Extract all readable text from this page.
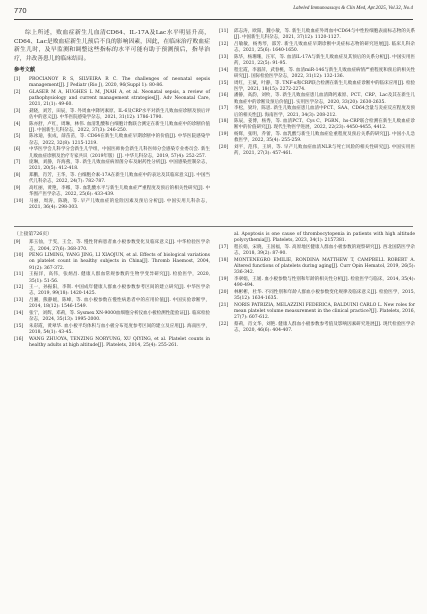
770	Labeled Immunoassays & Clin Med, Apr.2025, Vol.32, No.4

综上所述，败血症新生儿血清CD64、IL-17A及Lac水平明显升高，CD64、Lac是败血症新生儿预后不良的影响因素，因此，在临床治疗败血症新生儿时，及早监测和调整这些指标的水平可能有助于预测预后，指导治疗，并改善患儿的临床结局。

参考文献
[1] PROCIANOY R S, SILVEIRA R C. The challenges of neonatal sepsis management[J]. J Pediatr (Rio J), 2020, 96(Suppl 1): 80-86.
[2] GLASER M A, HUGHES L M, JNAH A, et al. Neonatal sepsis, a review of pathophysiology and current management strategies[J]. Adv Neonatal Care, 2021, 21(1): 49-60.
[3] 聂晓，刘芳，田辰，等. 外周血中降钙素原、IL-6及CRP水平对新生儿败血症诊断及预后评估中的意义[J]. 中华医院感染学杂志，2021, 31(12): 1786-1790.
[4] 陈亦舒，卢红，周琳，林伟. 血清乳酸和白细胞计数联合测定在新生儿败血症中的诊断价值[J]. 中国新生儿科杂志，2022, 37(3): 246-250.
[5] 陈冰迪，张成，薛苗苗，等. CD64在新生儿败血症早期诊断中的价值[J]. 中华医院感染学杂志，2022, 32(8): 1215-1219.
[6] 中华医学会儿科学分会新生儿学组，中国医师协会新生儿科医师分会感染专业委员会. 新生儿败血症诊断及治疗专家共识（2019年版）[J]. 中华儿科杂志，2019, 57(4): 252-257.
[7] 庞琳，刘静，许海燕，等. 新生儿败血症病原菌分布及耐药性分析[J]. 中国感染控制杂志，2021, 20(5): 412-418.
[8] 郑鹏，肖芳，王华，等. 白细胞介素-17A在新生儿败血症中的表达及其临床意义[J]. 中国当代儿科杂志，2022, 24(7): 782-787.
[9] 高红丽，黄艳，李娜，等. 血乳酸水平与新生儿败血症严重程度及预后的相关性研究[J]. 中华围产医学杂志，2022, 25(6): 433-439.
[10] 马丽，周涛，陈晓，等. 早产儿败血症的危险因素及预后分析[J]. 中国实用儿科杂志，2021, 36(4): 298-303.
[11] 邱志涛，欧阳，魏小敏，等. 新生儿败血症外周血中CD64与中性粒细胞表面标志物的关系[J]. 中国新生儿科杂志，2021, 37(12): 1120-1127.
[12] 吕敏敏，杨秀琴，邵芳. 新生儿败血症早期诊断中炎症标志物的研究进展[J]. 临床儿科杂志，2021, 25(6): 1640-1650.
[13] 陈华，杨珊珊，汪军，等. 血清IL-17A与新生儿败血症及其预后的关系分析[J]. 中国实用医药，2021, 22(5): 91-95.
[14] 程宏霞，李淑萍，武春桃，等. 血清miR-146与新生儿败血症病情严重程度和预后的相关性研究[J]. 国际检验医学杂志，2022, 31(12): 132-136.
[15] 周红，王斌，叶静，等. TNF-α和CRP联合检测在新生儿败血症诊断中的临床应用[J]. 检验医学，2021, 18(15): 2272-2274.
[16] 潘静，高韵，刘枚，等. 新生儿败血症患儿血清降钙素原、PCT、CRP、Lac及其在新生儿败血症中的诊断及预后价值[J]. 实用医学杂志，2020, 33(20): 2630-2635.
[17] 李松，梁玲，陈思. 新生儿败血症患儿血清中PCT、SAA、CD64含量与炎症反应程度及预后的相关性[J]. 海南医学，2021, 34(3): 208-212.
[18] 陈辰，姜博，杨秀，等. 血清PCT、Cys C、PGRN、hs-CRP联合检测在新生儿败血症诊断中的价值研究[J]. 现代生物医学进展，2022, 22(23): 4450-4455, 4412.
[19] 杨辉，张明，乔蕾，等. 血乳酸与新生儿败血症危重程度及预后关系的研究[J]. 中国小儿急救医学，2022, 35(4): 255-259.
[20] 刘平，范伟，王妍，等. 早产儿败血症血清NLR与死亡风险的相关性研究[J]. 中国实用医药，2021, 27(3): 457-461.
（上接第726页）
[9] 郑玉仙，于雯，王全，等. 慢性肾病患者血小板参数变化及临床意义[J]. 中华检验医学杂志，2004, 27(6): 368-370.
[10] PENG LIMING, YANG JING, LI XIAOJUN, et al. Effects of biological variations on platelet count in healthy subjects in China[J]. Thromb Haemost, 2004, 91(2): 367-372.
[11] 王振洋，高伟，张炳昌. 健康人群血常规参数的生物学变异研究[J]. 检验医学，2020, 35(1): 51-56.
[12] 王一，孙振阳，李斯. 中国成年健康人群血小板参数参考区间的建立研究[J]. 中华医学杂志，2019, 99(18): 1420-1425.
[13] 吕湘，熊静媛，陈峰，等. 血小板参数在慢性病患者中的应用价值[J]. 中国实验诊断学，2014, 18(12): 1546-1549.
[14] 张宁，刘辉，邓莉，等. Sysmex XN-9000血细胞分析仪血小板检测性能验证[J]. 临床检验杂志，2024, 35(13): 1995-2000.
[15] 朱彩霞，黄翠华. 血小板平均体积与血小板分布宽度参考区间的建立及应用[J]. 海南医学，2018, 54(1): 43-45.
[16] WANG ZHUOYA, TENZING NORYUNG, XU QIYING, et al. Platelet counts in healthy adults at high altitude[J]. Platelets, 2014, 25(4): 255-261.
al. Apoptosis is one cause of thrombocytopenia in patients with high altitude polycythemia[J]. Platelets, 2023, 34(1): 2157381.
[17] 程长娟，宋晓，王国福，等. 高原地区健康人群血小板参数的观察研究[J]. 西北国防医学杂志，2018, 39(2): 87-90.
[18] MONTENEGRO EMILIE, RONDINA MATTHEW T, CAMPBELL ROBERT A. Altered functions of platelets during aging[J]. Curr Opin Hematol, 2019, 26(5): 336-342.
[19] 李翠娟，王媛. 血小板参数与性别和年龄的相关性分析[J]. 检验医学与临床，2014, 35(4): 490-494.
[20] 林彬彬，杜华. 不同性别和年龄人群血小板参数变化规律及临床意义[J]. 检验医学，2015, 35(12): 1634-1635.
[21] NORIS PATRIZIA, MELAZZINI FEDERICA, BALDUINI CARLO L. New roles for mean platelet volume measurement in the clinical practice?[J]. Platelets, 2016, 27(7): 607-612.
[22] 蔡莉，肖文华，刘艳. 健康人群血小板参数参考值及影响因素研究进展[J]. 现代检验医学杂志，2020, 46(6): 404-407.
